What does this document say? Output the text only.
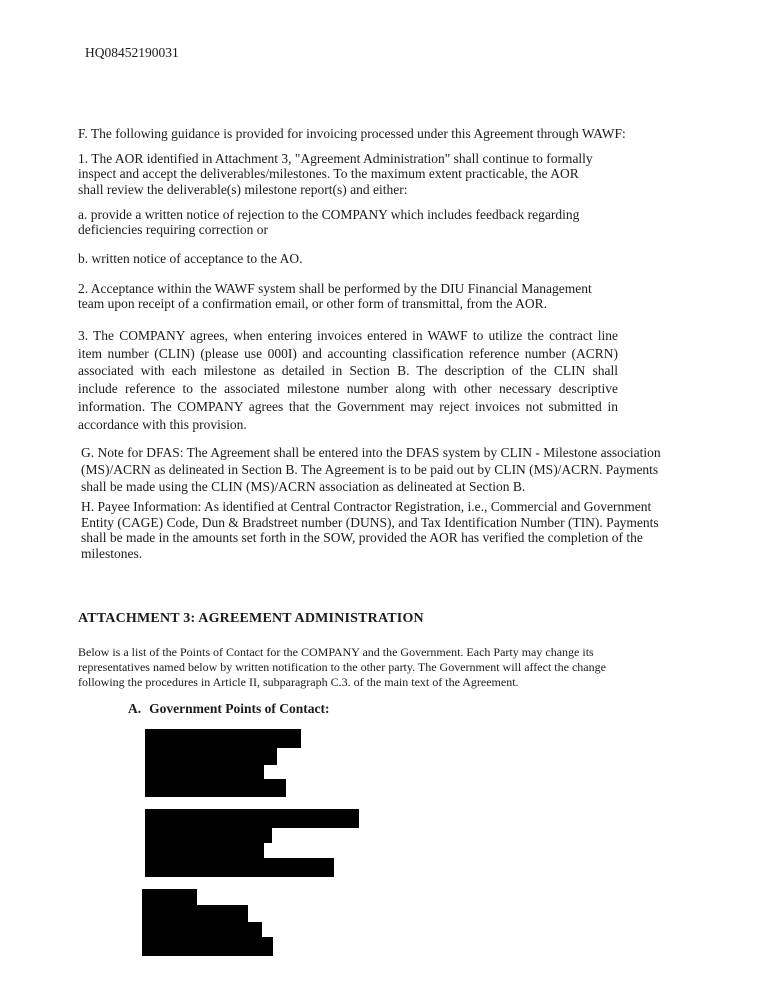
HQ08452190031
F. The following guidance is provided for invoicing processed under this Agreement through WAWF:
1. The AOR identified in Attachment 3, "Agreement Administration" shall continue to formally
inspect and accept the deliverables/milestones. To the maximum extent practicable, the AOR
shall review the deliverable(s) milestone report(s) and either:
a. provide a written notice of rejection to the COMPANY which includes feedback regarding
deficiencies requiring correction or
b. written notice of acceptance to the AO.
2. Acceptance within the WAWF system shall be performed by the DIU Financial Management
team upon receipt of a confirmation email, or other form of transmittal, from the AOR.
3. The COMPANY agrees, when entering invoices entered in WAWF to utilize the contract line
item number (CLIN) (please use 000I) and accounting classification reference number (ACRN)
associated with each milestone as detailed in Section B. The description of the CLIN shall
include reference to the associated milestone number along with other necessary descriptive
information. The COMPANY agrees that the Government may reject invoices not submitted in
accordance with this provision.
G. Note for DFAS: The Agreement shall be entered into the DFAS system by CLIN - Milestone association
(MS)/ACRN as delineated in Section B. The Agreement is to be paid out by CLIN (MS)/ACRN. Payments
shall be made using the CLIN (MS)/ACRN association as delineated at Section B.
H. Payee Information: As identified at Central Contractor Registration, i.e., Commercial and Government
Entity (CAGE) Code, Dun & Bradstreet number (DUNS), and Tax Identification Number (TIN). Payments
shall be made in the amounts set forth in the SOW, provided the AOR has verified the completion of the
milestones.
ATTACHMENT 3: AGREEMENT ADMINISTRATION
Below is a list of the Points of Contact for the COMPANY and the Government. Each Party may change its
representatives named below by written notification to the other party. The Government will affect the change
following the procedures in Article II, subparagraph C.3. of the main text of the Agreement.
A. Government Points of Contact:
